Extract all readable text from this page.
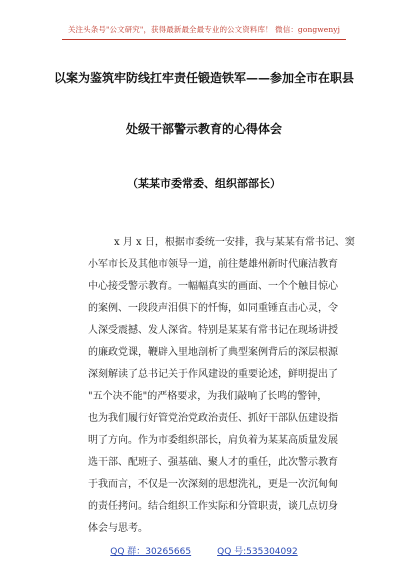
关注头条号"公文研究"，获得最新最全最专业的公文资料库！ 微信：gongwenyj
以案为鉴筑牢防线扛牢责任锻造铁军——参加全市在职县
处级干部警示教育的心得体会
（某某市委常委、组织部部长）
x 月 x 日，根据市委统一安排，我与某某有常书记、窦
小军市长及其他市领导一道，前往楚雄州新时代廉洁教育
中心接受警示教育。一幅幅真实的画面、一个个触目惊心
的案例、一段段声泪俱下的忏悔，如同重锤直击心灵，令
人深受震撼、发人深省。特别是某某有常书记在现场讲授
的廉政党课，鞭辟入里地剖析了典型案例背后的深层根源
深刻解读了总书记关于作风建设的重要论述，鲜明提出了
"五个决不能"的严格要求，为我们敲响了长鸣的警钟，
也为我们履行好管党治党政治责任、抓好干部队伍建设指
明了方向。作为市委组织部长，肩负着为某某高质量发展
选干部、配班子、强基础、聚人才的重任，此次警示教育
于我而言，不仅是一次深刻的思想洗礼，更是一次沉甸甸
的责任拷问。结合组织工作实际和分管职责，谈几点切身
体会与思考。
QQ 群：30265665	QQ 号:535304092
